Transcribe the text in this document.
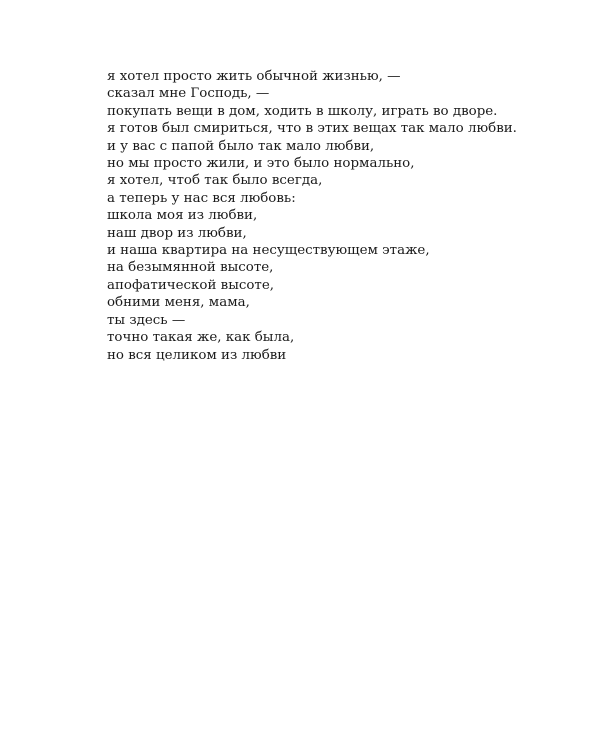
я хотел просто жить обычной жизнью, —
сказал мне Господь, —
покупать вещи в дом, ходить в школу, играть во дворе.
я готов был смириться, что в этих вещах так мало любви.
и у вас с папой было так мало любви,
но мы просто жили, и это было нормально,
я хотел, чтоб так было всегда,
а теперь у нас вся любовь:
школа моя из любви,
наш двор из любви,
и наша квартира на несуществующем этаже,
на безымянной высоте,
апофатической высоте,
обними меня, мама,
ты здесь —
точно такая же, как была,
но вся целиком из любви
